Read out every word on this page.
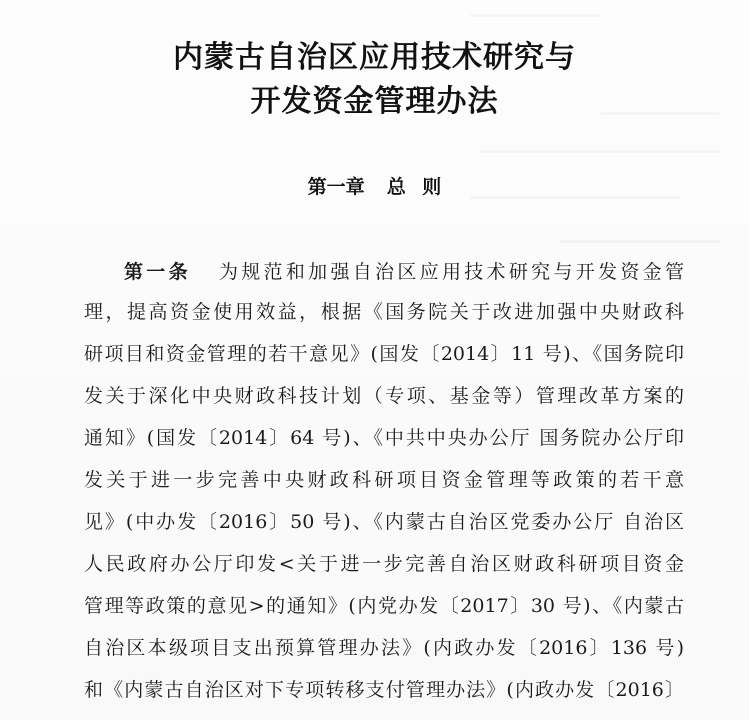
内蒙古自治区应用技术研究与
开发资金管理办法
第一章 总 则
第一条 为规范和加强自治区应用技术研究与开发资金管
理，提高资金使用效益，根据《国务院关于改进加强中央财政科
研项目和资金管理的若干意见》(国发〔2014〕11 号)、《国务院印
发关于深化中央财政科技计划（专项、基金等）管理改革方案的
通知》(国发〔2014〕64 号)、《中共中央办公厅 国务院办公厅印
发关于进一步完善中央财政科研项目资金管理等政策的若干意
见》(中办发〔2016〕50 号)、《内蒙古自治区党委办公厅 自治区
人民政府办公厅印发<关于进一步完善自治区财政科研项目资金
管理等政策的意见>的通知》(内党办发〔2017〕30 号)、《内蒙古
自治区本级项目支出预算管理办法》(内政办发〔2016〕136 号)
和《内蒙古自治区对下专项转移支付管理办法》(内政办发〔2016〕
